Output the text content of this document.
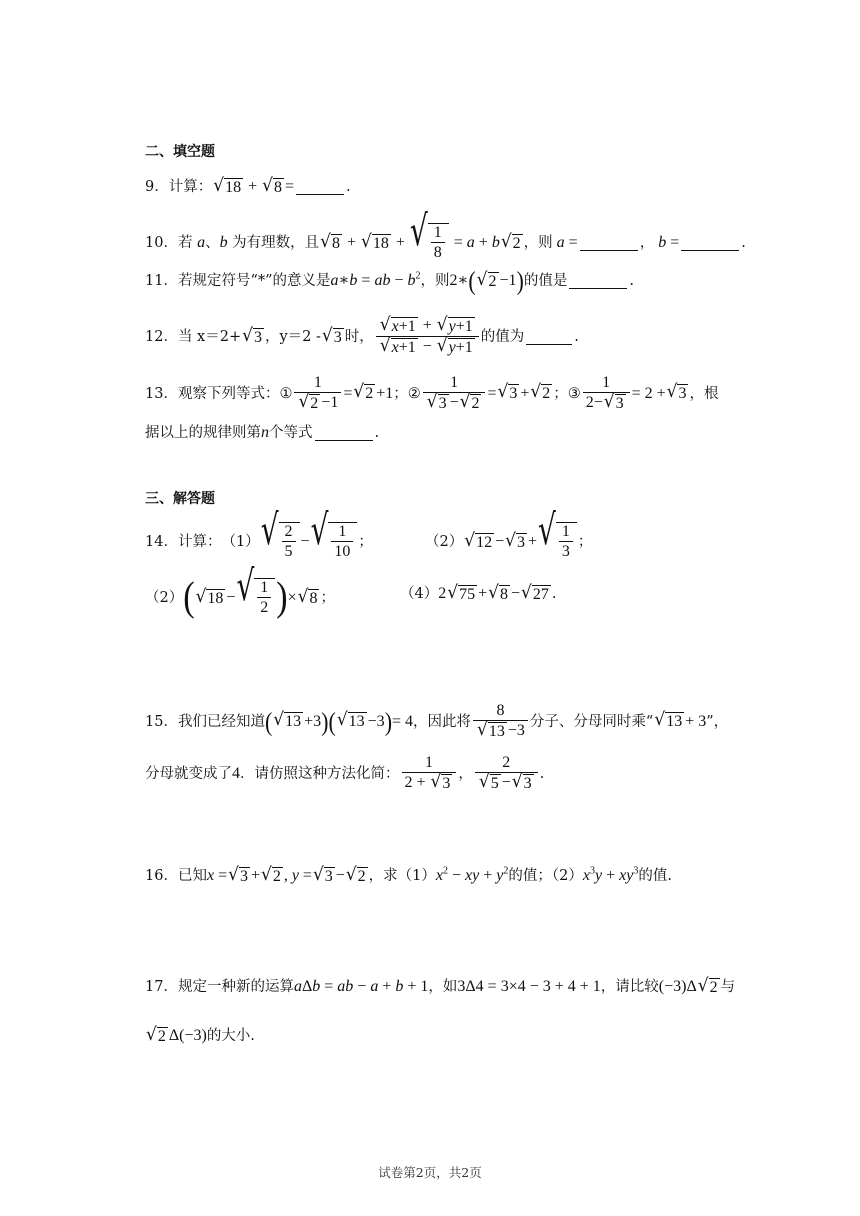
二、填空题
9． 计算： √ 18 + √ 8 =	.
10． 若
a 、 b
为有理数，且 √ 8 + √ 18 + √ $\frac{1}{8} = a + b$ √ 2 ，则 a =	， b =	.
11． 若规定符号“*”的意义是 a∗b = ab − $b^2$ ，则 2∗ ( √ 2 −1 ) 的值是	.
12． 当 x＝2+ √ 3 ，y＝2 - √ 3 时， $\frac{√ x+1 + √ y+1}{√ x+1 - √ y+1}$ 的值为	.
13． 观察下列等式： ① $\frac{1}{√ 2 -1}$ = √ 2 +1 ； ② $\frac{1}{√ 3 - √ 2}$ = √ 3 + √ 2 ； ③ $\frac{1}{2- √ 3} = 2$ + √ 3 ，根
据以上的规律则第 n 个等式	.
三、解答题
14． 计算： （1） √ $\frac{2}{5}$ − √ $\frac{1}{10}$ ；	（2） √ 12 − √ 3 + √ $\frac{1}{3}$ ；
（2） ( √ 18 − √ $\frac{1}{2}$ ) × √ 8 ；	（4） 2 √ 75 + √ 8 − √ 27 .
15． 我们已经知道 ( √ 13 +3 ) ( √ 13 −3 ) = 4 ，因此将 $\frac{8}{√ 13 -3}$ 分子、分母同时乘“ √ 13 + 3 ”，
分母就变成了 4 ．请仿照这种方法化简： $\frac{1}{2 + √ 3}$ ， $\frac{2}{√ 5 - √ 3}$ .
16． 已知 x = √ 3 + √ 2 , y = √ 3 − √ 2 ，求（1） $x^2$ − xy + $y^2$ 的值；（2） $x^3y + xy^3$ 的值.
17． 规定一种新的运算 aΔb = ab − a + b + 1 ，如 3Δ4 = 3×4 − 3 + 4 + 1 ，请比较 (−3)Δ √ 2 与
√ 2 Δ(−3) 的大小.
试卷第2页，共2页
